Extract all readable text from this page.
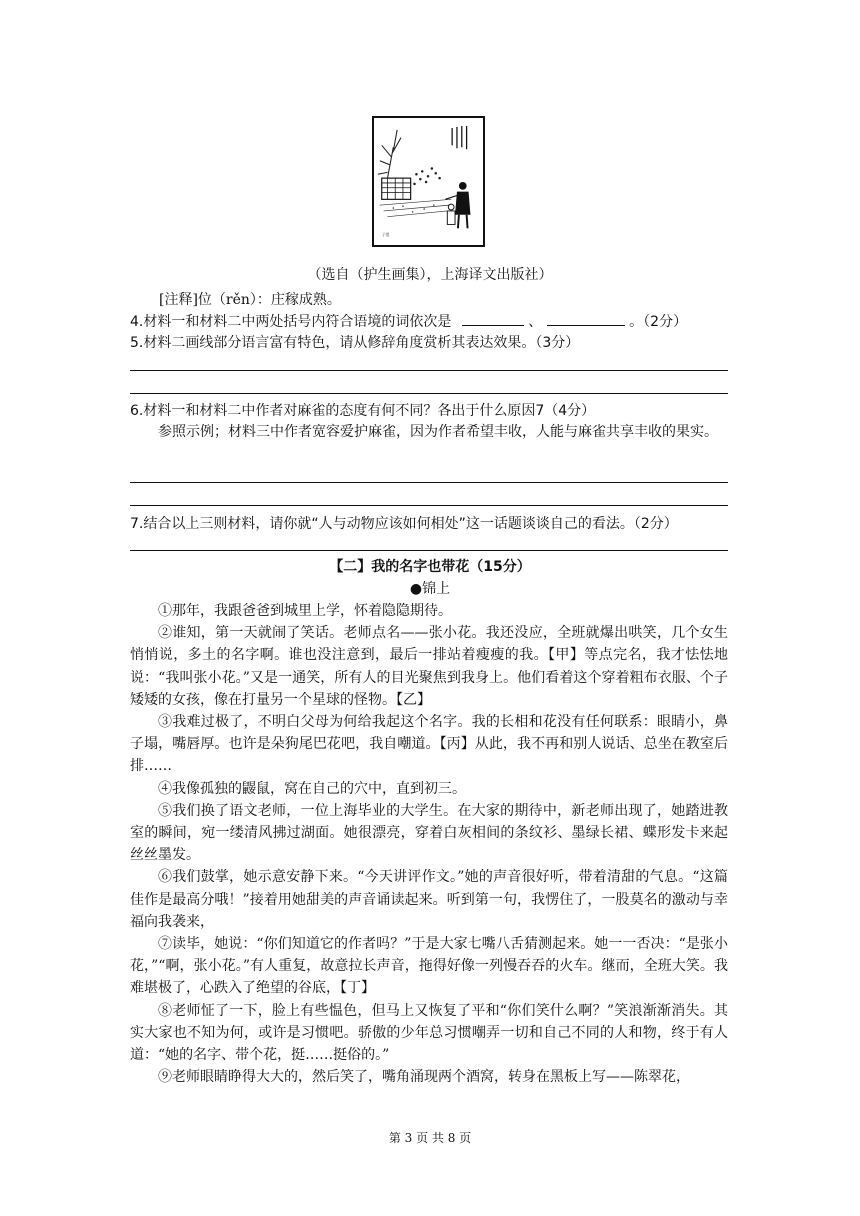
子愷
（选自（护生画集），上海译文出版社）
[注释]位（rěn）：庄稼成熟。
4.材料一和材料二中两处括号内符合语境的词依次是	、	。（2分）
5.材料二画线部分语言富有特色，请从修辞角度赏析其表达效果。（3分）
6.材料一和材料二中作者对麻雀的态度有何不同？各出于什么原因7（4分）

参照示例；材料三中作者宽容爱护麻雀，因为作者希望丰收，人能与麻雀共享丰收的果实。

7.结合以上三则材料，请你就“人与动物应该如何相处”这一话题谈谈自己的看法。（2分）
【二】我的名字也带花（15分）
●锦上

①那年，我跟爸爸到城里上学，怀着隐隐期待。

②谁知，第一天就闹了笑话。老师点名——张小花。我还没应，全班就爆出哄笑，几个女生悄悄说，多土的名字啊。谁也没注意到，最后一排站着瘦瘦的我。【甲】等点完名，我才怯怯地说：“我叫张小花。”又是一通笑，所有人的目光聚焦到我身上。他们看着这个穿着粗布衣服、个子矮矮的女孩，像在打量另一个星球的怪物。【乙】

③我难过极了，不明白父母为何给我起这个名字。我的长相和花没有任何联系：眼睛小，鼻子塌，嘴唇厚。也许是朵狗尾巴花吧，我自嘲道。【丙】从此，我不再和别人说话、总坐在教室后排……

④我像孤独的鼹鼠，窝在自己的穴中，直到初三。

⑤我们换了语文老师，一位上海毕业的大学生。在大家的期待中，新老师出现了，她踏进教室的瞬间，宛一缕清风拂过湖面。她很漂亮，穿着白灰相间的条纹衫、墨绿长裙、蝶形发卡来起丝丝墨发。

⑥我们鼓掌，她示意安静下来。“今天讲评作文。”她的声音很好听，带着清甜的气息。“这篇佳作是最高分哦！”接着用她甜美的声音诵读起来。听到第一句，我愣住了，一股莫名的激动与幸福向我袭来，

⑦读毕，她说：“你们知道它的作者吗？”于是大家七嘴八舌猜测起来。她一一否决：“是张小花，”“啊，张小花。”有人重复，故意拉长声音，拖得好像一列慢吞吞的火车。继而，全班大笑。我难堪极了，心跌入了绝望的谷底，【丁】

⑧老师怔了一下，脸上有些愠色，但马上又恢复了平和“你们笑什么啊？”笑浪渐渐消失。其实大家也不知为何，或许是习惯吧。骄傲的少年总习惯嘲弄一切和自己不同的人和物，终于有人道：“她的名字、带个花，挺……挺俗的。”

⑨老师眼睛睁得大大的，然后笑了，嘴角涌现两个酒窝，转身在黑板上写——陈翠花，

第 3 页 共 8 页
